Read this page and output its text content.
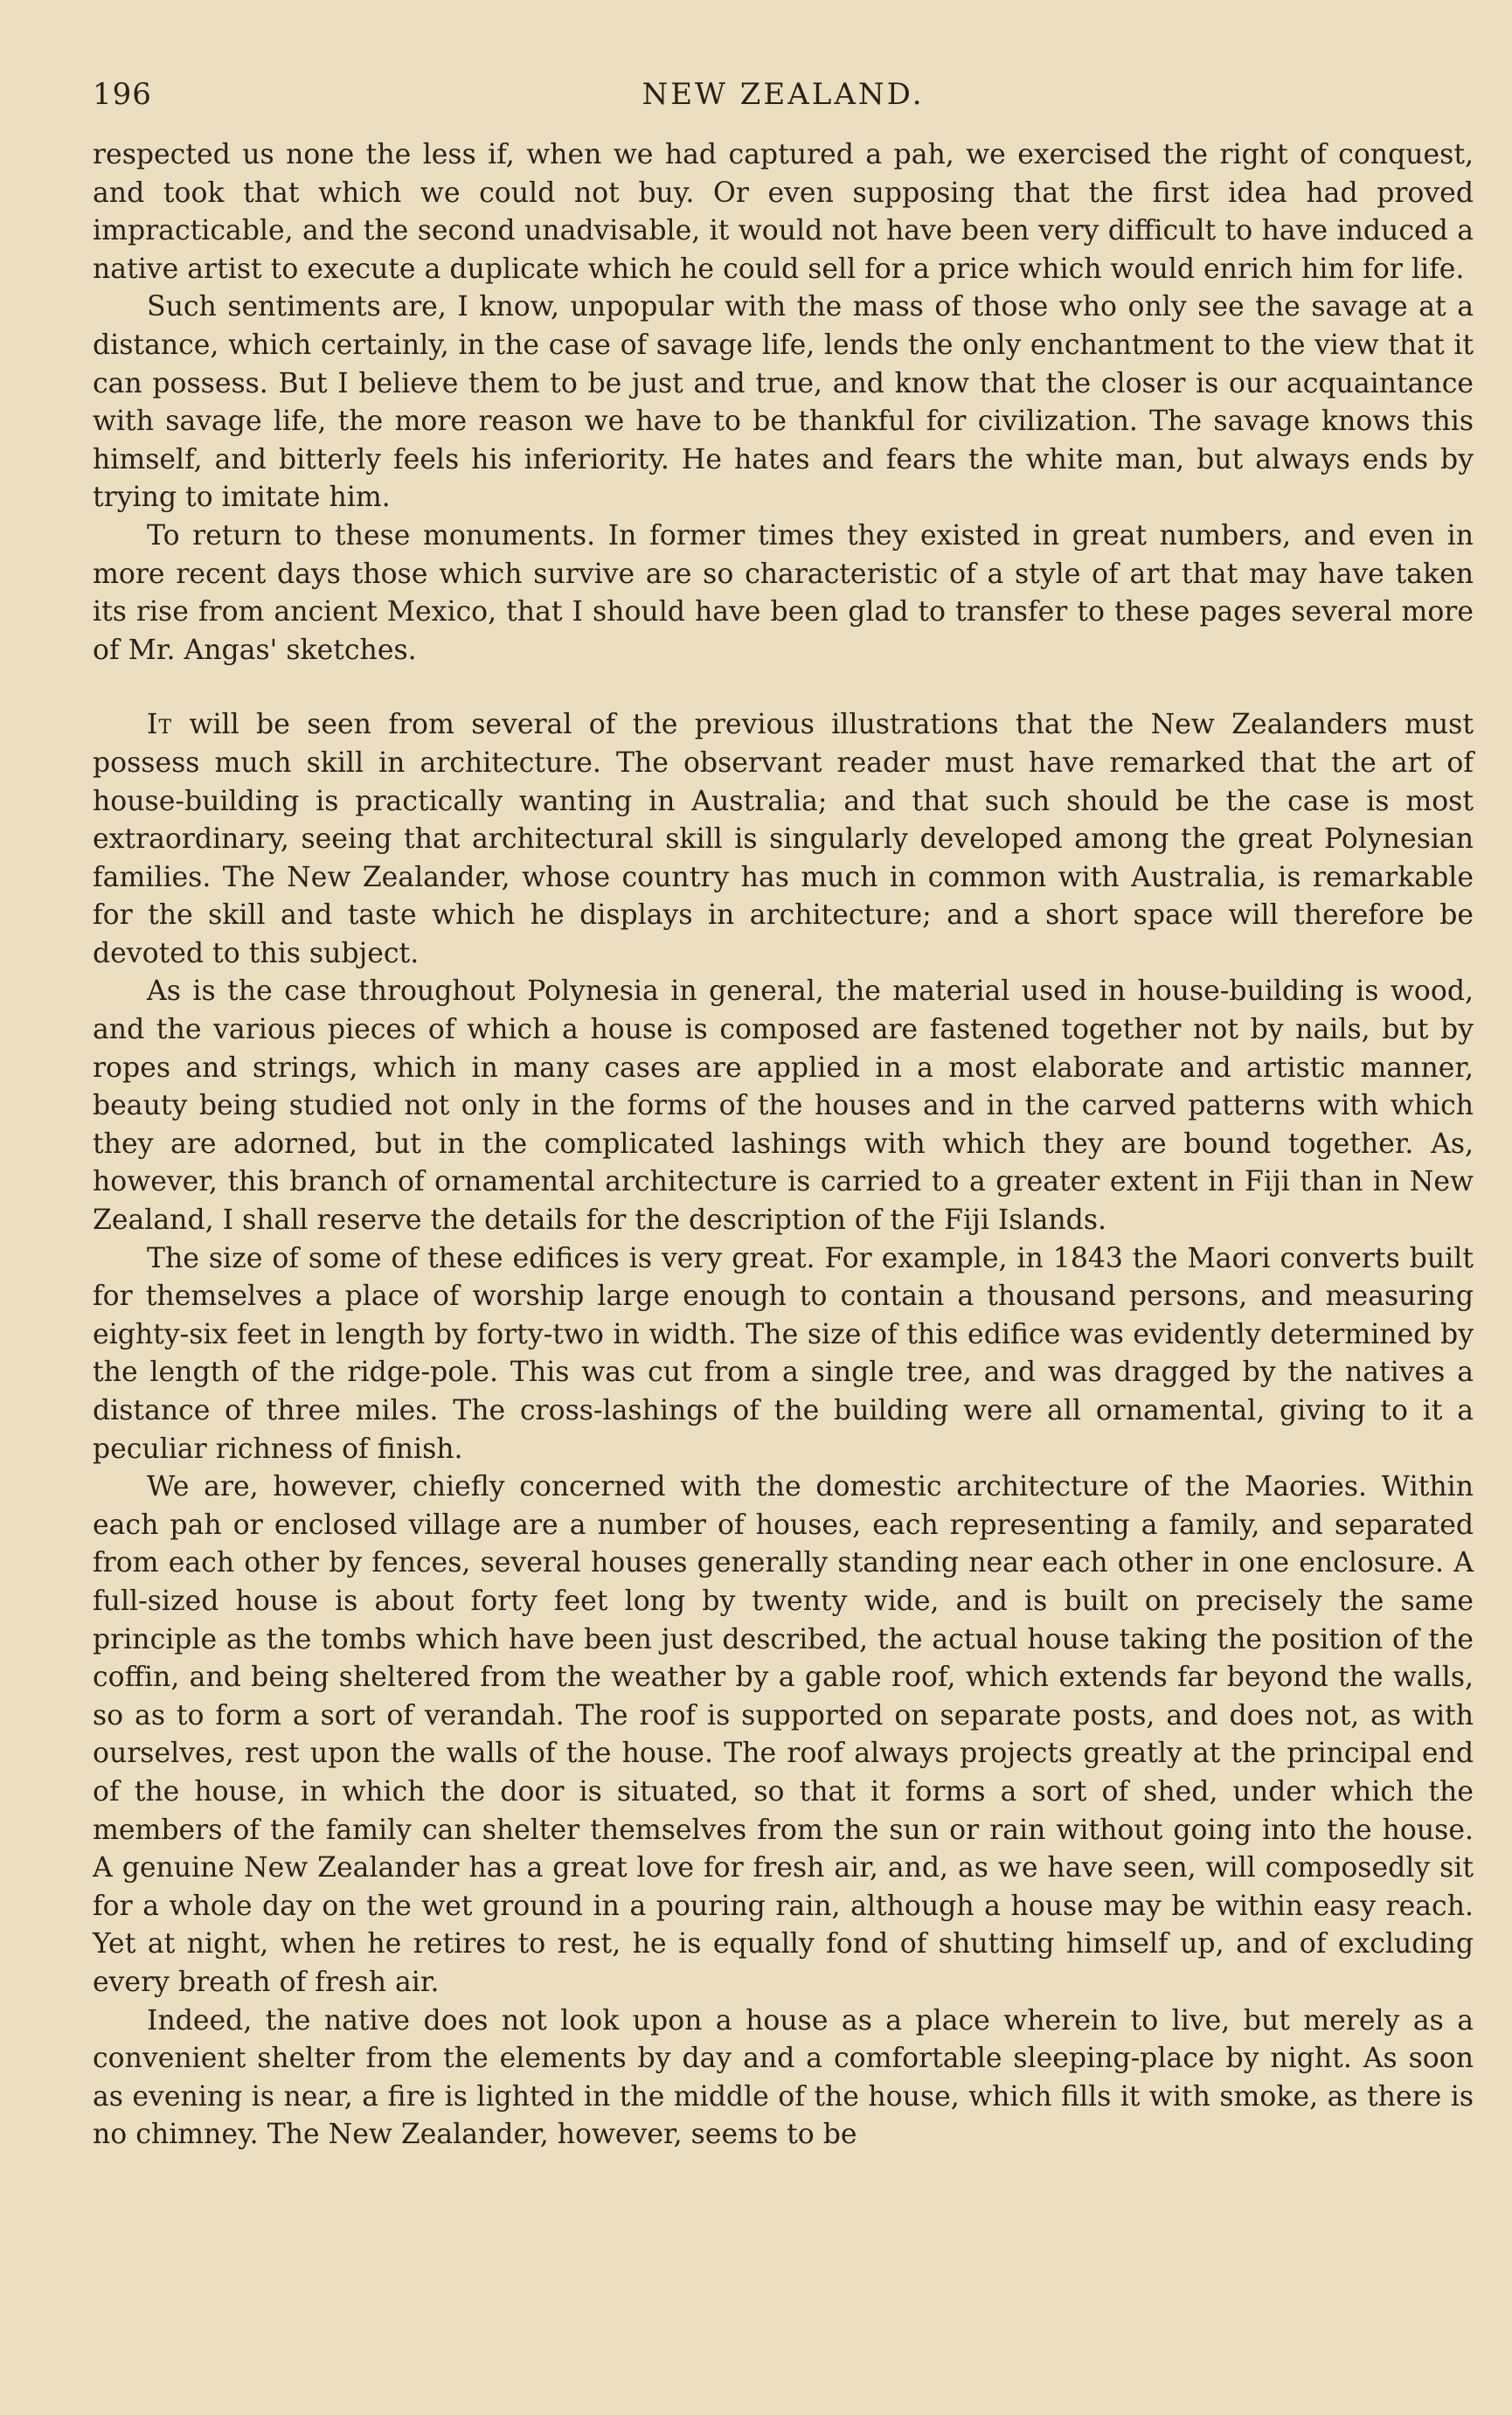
196	NEW ZEALAND.

respected us none the less if, when we had captured a pah, we exercised the right of conquest, and took that which we could not buy. Or even supposing that the first idea had proved impracticable, and the second unadvisable, it would not have been very difficult to have induced a native artist to execute a duplicate which he could sell for a price which would enrich him for life.

Such sentiments are, I know, unpopular with the mass of those who only see the savage at a distance, which certainly, in the case of savage life, lends the only enchantment to the view that it can possess. But I believe them to be just and true, and know that the closer is our acquaintance with savage life, the more reason we have to be thankful for civilization. The savage knows this himself, and bitterly feels his inferiority. He hates and fears the white man, but always ends by trying to imitate him.

To return to these monuments. In former times they existed in great numbers, and even in more recent days those which survive are so characteristic of a style of art that may have taken its rise from ancient Mexico, that I should have been glad to transfer to these pages several more of Mr. Angas' sketches.

It will be seen from several of the previous illustrations that the New Zealanders must possess much skill in architecture. The observant reader must have remarked that the art of house-building is practically wanting in Australia; and that such should be the case is most extraordinary, seeing that architectural skill is singularly developed among the great Polynesian families. The New Zealander, whose country has much in common with Australia, is remarkable for the skill and taste which he displays in architecture; and a short space will therefore be devoted to this subject.

As is the case throughout Polynesia in general, the material used in house-building is wood, and the various pieces of which a house is composed are fastened together not by nails, but by ropes and strings, which in many cases are applied in a most elaborate and artistic manner, beauty being studied not only in the forms of the houses and in the carved patterns with which they are adorned, but in the complicated lashings with which they are bound together. As, however, this branch of ornamental architecture is carried to a greater extent in Fiji than in New Zealand, I shall reserve the details for the description of the Fiji Islands.

The size of some of these edifices is very great. For example, in 1843 the Maori converts built for themselves a place of worship large enough to contain a thousand persons, and measuring eighty-six feet in length by forty-two in width. The size of this edifice was evidently determined by the length of the ridge-pole. This was cut from a single tree, and was dragged by the natives a distance of three miles. The cross-lashings of the building were all ornamental, giving to it a peculiar richness of finish.

We are, however, chiefly concerned with the domestic architecture of the Maories. Within each pah or enclosed village are a number of houses, each representing a family, and separated from each other by fences, several houses generally standing near each other in one enclosure. A full-sized house is about forty feet long by twenty wide, and is built on precisely the same principle as the tombs which have been just described, the actual house taking the position of the coffin, and being sheltered from the weather by a gable roof, which extends far beyond the walls, so as to form a sort of verandah. The roof is supported on separate posts, and does not, as with ourselves, rest upon the walls of the house. The roof always projects greatly at the principal end of the house, in which the door is situated, so that it forms a sort of shed, under which the members of the family can shelter themselves from the sun or rain without going into the house. A genuine New Zealander has a great love for fresh air, and, as we have seen, will composedly sit for a whole day on the wet ground in a pouring rain, although a house may be within easy reach. Yet at night, when he retires to rest, he is equally fond of shutting himself up, and of excluding every breath of fresh air.

Indeed, the native does not look upon a house as a place wherein to live, but merely as a convenient shelter from the elements by day and a comfortable sleeping-place by night. As soon as evening is near, a fire is lighted in the middle of the house, which fills it with smoke, as there is no chimney. The New Zealander, however, seems to be
